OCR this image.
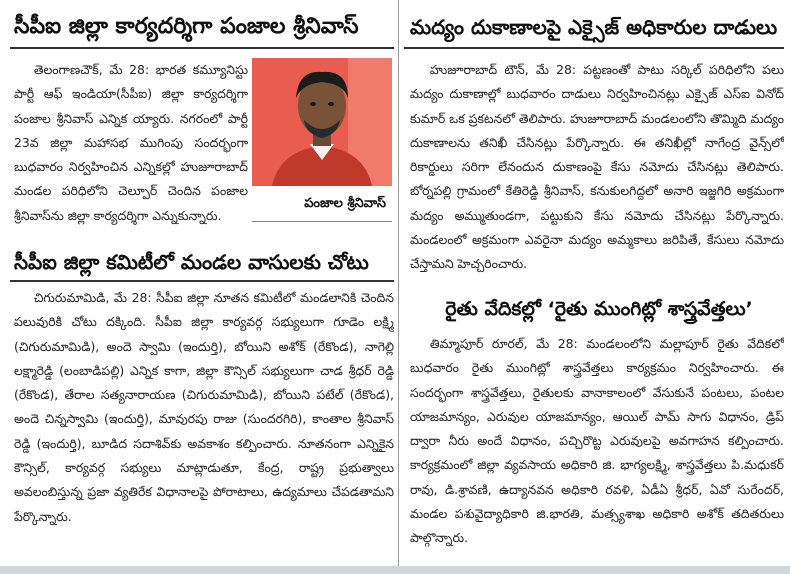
సీపీఐ జిల్లా కార్యదర్శిగా పంజాల శ్రీనివాస్
తెలంగాణచౌక్‌, మే 28: భారత కమ్యూనిస్టు పార్టీ ఆఫ్‌ ఇండియా(సీపీఐ) జిల్లా కార్యదర్శిగా పంజాల శ్రీనివాస్‌ ఎన్నిక య్యారు. నగరంలో పార్టీ 23వ జిల్లా మహాసభ ముగింపు సందర్భంగా బుధవారం నిర్వహించిన ఎన్నికల్లో హుజూరాబాద్‌ మండల పరిధిలోని చెల్పూర్‌ చెందిన పంజాల శ్రీనివాస్‌ను జిల్లా కార్యదర్శిగా ఎన్నుకున్నారు.
పంజాల శ్రీనివాస్‌
సీపీఐ జిల్లా కమిటీలో మండల వాసులకు చోటు
చిగురుమామిడి, మే 28: సీపీఐ జిల్లా నూతన కమిటీలో మండలానికి చెందిన పలువురికి చోటు దక్కింది. సీపీఐ జిల్లా కార్యవర్గ సభ్యులుగా గూడెం లక్ష్మి (చిగురుమామిడి), అందె స్వామి (ఇందుర్తి), బోయిని అశోక్‌ (రేకొండ), నాగెల్లి లక్ష్మారెడ్డి (లంబాడిపల్లి) ఎన్నిక కాగా, జిల్లా కౌన్సిల్‌ సభ్యులుగా చాడ శ్రీధర్‌ రెడ్డి (రేకొండ), తేరాల సత్యనారాయణ (చిగురుమామిడి), బోయిని పటేల్‌ (రేకొండ), అందె చిన్నస్వామి (ఇందుర్తి), మావురపు రాజు (సుందరగిరి), కాంతాల శ్రీనివాస్‌ రెడ్డి (ఇందుర్తి), బూడిద సదాశివ్‌కు అవకాశం కల్పించారు. నూతనంగా ఎన్నికైన కౌన్సిల్‌, కార్యవర్గ సభ్యులు మాట్లాడుతూ, కేంద్ర, రాష్ట్ర ప్రభుత్వాలు అవలంబిస్తున్న ప్రజా వ్యతిరేక విధానాలపై పోరాటాలు, ఉద్యమాలు చేపడతామని పేర్కొన్నారు.
మద్యం దుకాణాలపై ఎక్సైజ్‌ అధికారుల దాడులు
హుజూరాబాద్‌ టౌన్‌, మే 28: పట్టణంతో పాటు సర్కిల్‌ పరిధిలోని పలు మద్యం దుకాణాల్లో బుధవారం దాడులు నిర్వహించినట్లు ఎక్సైజ్‌ ఎస్‌ఐ వినోద్‌ కుమార్‌ ఒక ప్రకటనలో తెలిపారు. హుజూరాబాద్‌ మండలంలోని తొమ్మిది మద్యం దుకాణాలను తనిఖీ చేసినట్లు పేర్కొన్నారు. ఈ తనిఖీల్లో నాగేంద్ర వైన్స్‌లో రికార్డులు సరిగా లేనందున దుకాణంపై కేసు నమోదు చేసినట్లు తెలిపారు. బోర్నపల్లి గ్రామంలో కేతిరెడ్డి శ్రీనివాస్‌, కనుకులగిద్దలో అనారి ఇజ్జగిరి అక్రమంగా మద్యం అమ్ముతుండగా, పట్టుకుని కేసు నమోదు చేసినట్లు పేర్కొన్నారు. మండలంలో అక్రమంగా ఎవరైనా మద్యం అమ్మకాలు జరిపితే, కేసులు నమోదు చేస్తామని హెచ్చరించారు.
రైతు వేదికల్లో ‘రైతు ముంగిట్లో శాస్త్రవేత్తలు’
తిమ్మాపూర్‌ రూరల్‌, మే 28: మండలంలోని మల్లాపూర్‌ రైతు వేదికలో బుధవారం రైతు ముంగిట్లో శాస్త్రవేత్తలు కార్యక్రమం నిర్వహించారు. ఈ సందర్భంగా శాస్త్రవేత్తలు, రైతులకు వానాకాలంలో వేసుకునే పంటలు, పంటల యాజమాన్యం, ఎరువుల యాజమాన్యం, ఆయిల్‌ పామ్‌ సాగు విధానం, డ్రిప్‌ ద్వారా నీరు అందే విధానం, పచ్చిరొట్ట ఎరువులపై అవగాహన కల్పించారు. కార్యక్రమంలో జిల్లా వ్యవసాయ అధికారి జి. భాగ్యలక్ష్మి, శాస్త్రవేత్తలు పి.మధుకర్‌ రావు, డి.శ్రావణి, ఉద్యానవన అధికారి రవళి, ఏడీఏ శ్రీధర్‌, ఏవో సురేందర్‌, మండల పశువైద్యాధికారి జి.భారతి, మత్స్యశాఖ అధికారి అశోక్‌ తదితరులు పాల్గొన్నారు.
